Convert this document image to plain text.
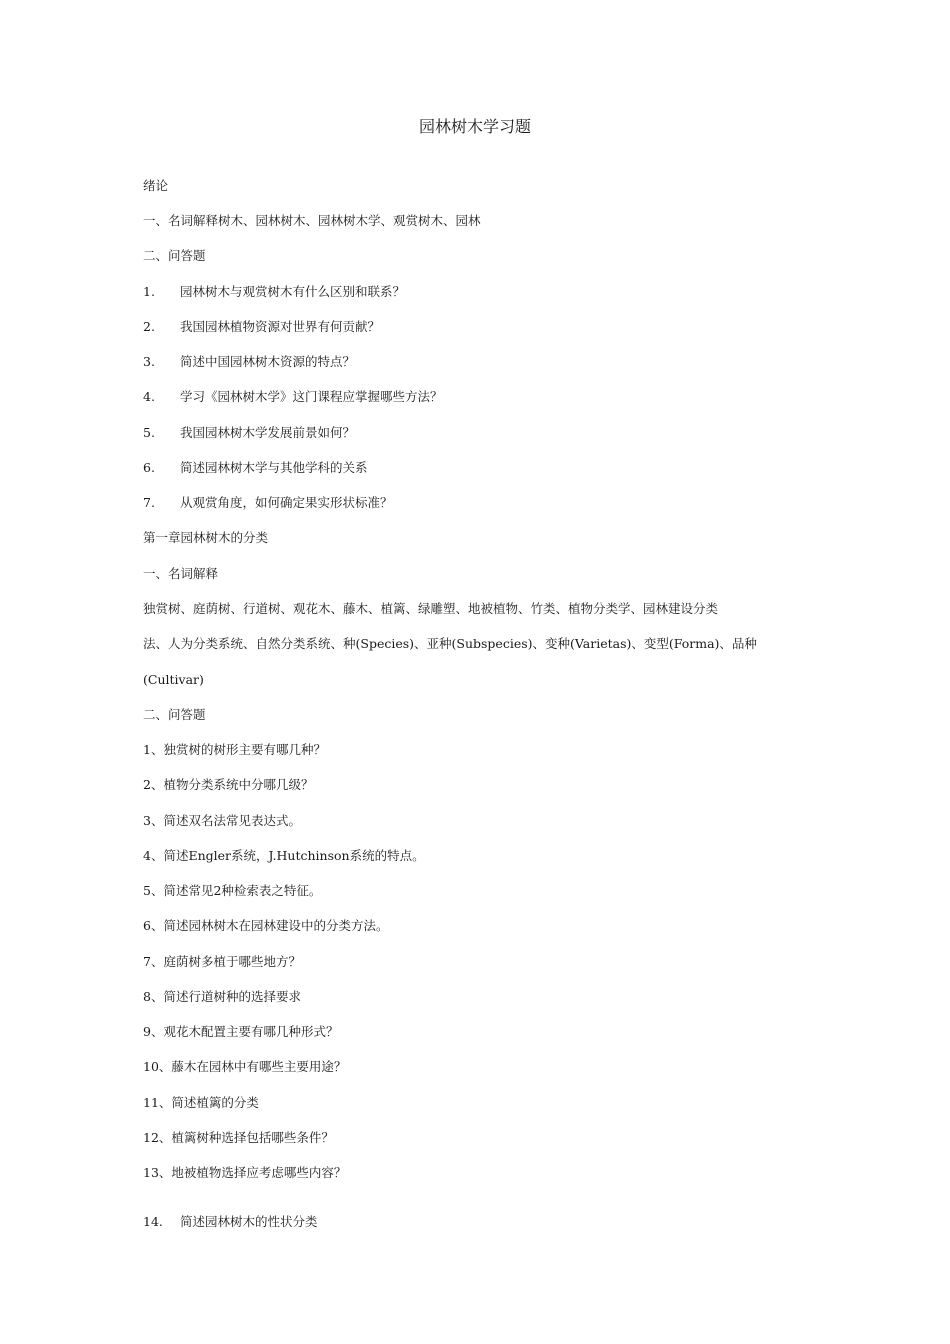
园林树木学习题
绪论
一、名词解释树木、园林树木、园林树木学、观赏树木、园林
二、问答题
1. 园林树木与观赏树木有什么区别和联系？
2. 我国园林植物资源对世界有何贡献？
3. 简述中国园林树木资源的特点？
4. 学习《园林树木学》这门课程应掌握哪些方法？
5. 我国园林树木学发展前景如何？
6. 简述园林树木学与其他学科的关系
7. 从观赏角度，如何确定果实形状标准？
第一章园林树木的分类
一、名词解释
独赏树、庭荫树、行道树、观花木、藤木、植篱、绿雕塑、地被植物、竹类、植物分类学、园林建设分类
法、人为分类系统、自然分类系统、种(Species)、亚种(Subspecies)、变种(Varietas)、变型(Forma)、品种
(Cultivar)
二、问答题
1、独赏树的树形主要有哪几种？
2、植物分类系统中分哪几级？
3、简述双名法常见表达式。
4、简述Engler系统，J.Hutchinson系统的特点。
5、简述常见2种检索表之特征。
6、简述园林树木在园林建设中的分类方法。
7、庭荫树多植于哪些地方？
8、简述行道树种的选择要求
9、观花木配置主要有哪几种形式？
10、藤木在园林中有哪些主要用途？
11、简述植篱的分类
12、植篱树种选择包括哪些条件？
13、地被植物选择应考虑哪些内容？
14. 简述园林树木的性状分类
